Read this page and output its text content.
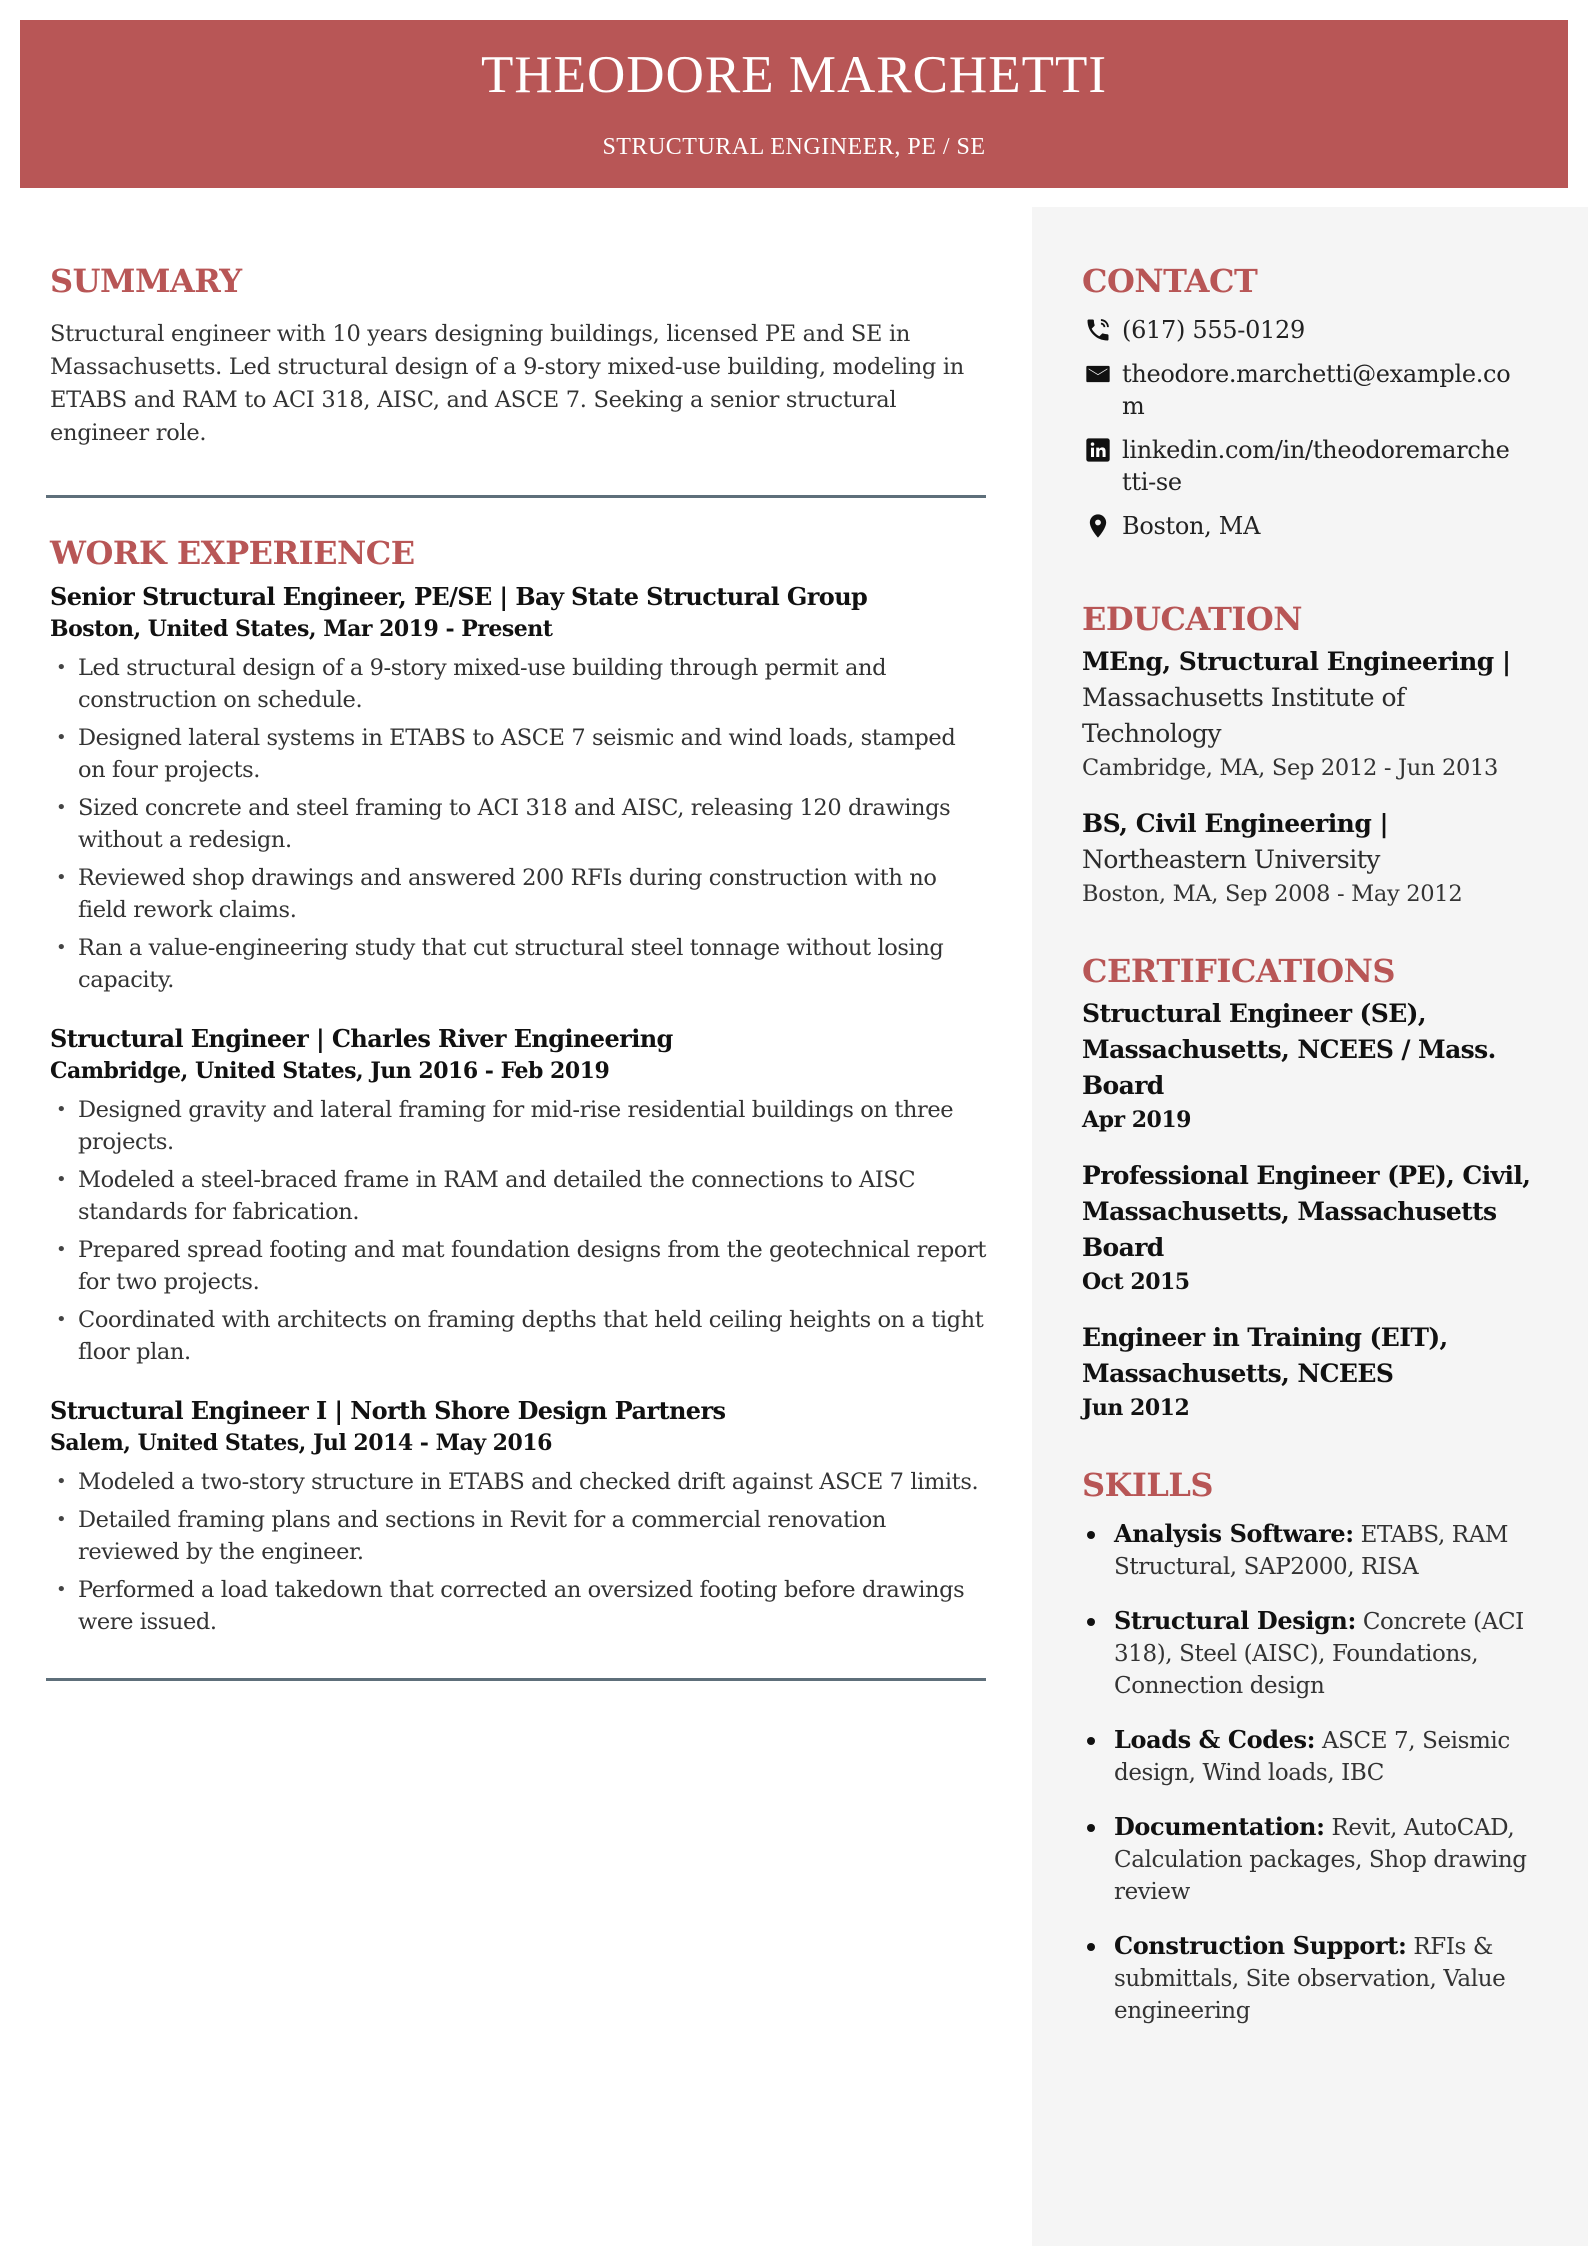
THEODORE MARCHETTI
STRUCTURAL ENGINEER, PE / SE
SUMMARY
Structural engineer with 10 years designing buildings, licensed PE and SE in Massachusetts. Led structural design of a 9-story mixed-use building, modeling in ETABS and RAM to ACI 318, AISC, and ASCE 7. Seeking a senior structural engineer role.
WORK EXPERIENCE
Senior Structural Engineer, PE/SE | Bay State Structural Group
Boston, United States, Mar 2019 - Present
• Led structural design of a 9-story mixed-use building through permit and construction on schedule.
• Designed lateral systems in ETABS to ASCE 7 seismic and wind loads, stamped on four projects.
• Sized concrete and steel framing to ACI 318 and AISC, releasing 120 drawings without a redesign.
• Reviewed shop drawings and answered 200 RFIs during construction with no field rework claims.
• Ran a value-engineering study that cut structural steel tonnage without losing capacity.
Structural Engineer | Charles River Engineering
Cambridge, United States, Jun 2016 - Feb 2019
• Designed gravity and lateral framing for mid-rise residential buildings on three projects.
• Modeled a steel-braced frame in RAM and detailed the connections to AISC standards for fabrication.
• Prepared spread footing and mat foundation designs from the geotechnical report for two projects.
• Coordinated with architects on framing depths that held ceiling heights on a tight floor plan.
Structural Engineer I | North Shore Design Partners
Salem, United States, Jul 2014 - May 2016
• Modeled a two-story structure in ETABS and checked drift against ASCE 7 limits.
• Detailed framing plans and sections in Revit for a commercial renovation reviewed by the engineer.
• Performed a load takedown that corrected an oversized footing before drawings were issued.
CONTACT
(617) 555-0129
theodore.marchetti@example.com
linkedin.com/in/theodoremarchetti-se
Boston, MA
EDUCATION
MEng, Structural Engineering | Massachusetts Institute of Technology
Cambridge, MA, Sep 2012 - Jun 2013
BS, Civil Engineering | Northeastern University
Boston, MA, Sep 2008 - May 2012
CERTIFICATIONS
Structural Engineer (SE), Massachusetts, NCEES / Mass. Board
Apr 2019
Professional Engineer (PE), Civil, Massachusetts, Massachusetts Board
Oct 2015
Engineer in Training (EIT), Massachusetts, NCEES
Jun 2012
SKILLS
Analysis Software: ETABS, RAM Structural, SAP2000, RISA
Structural Design: Concrete (ACI 318), Steel (AISC), Foundations, Connection design
Loads & Codes: ASCE 7, Seismic design, Wind loads, IBC
Documentation: Revit, AutoCAD, Calculation packages, Shop drawing review
Construction Support: RFIs & submittals, Site observation, Value engineering
